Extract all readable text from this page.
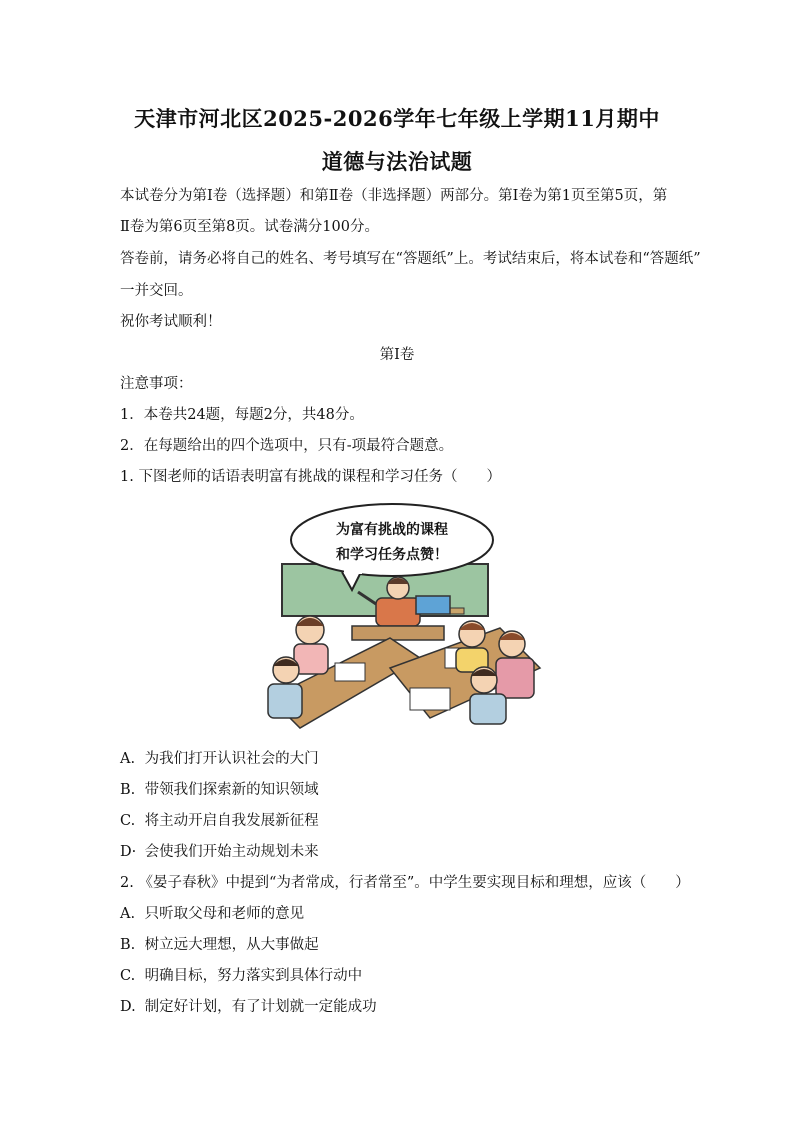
天津市河北区2025-2026学年七年级上学期11月期中
道德与法治试题
本试卷分为第Ⅰ卷（选择题）和第Ⅱ卷（非选择题）两部分。第Ⅰ卷为第1页至第5页，第
Ⅱ卷为第6页至第8页。试卷满分100分。
答卷前，请务必将自己的姓名、考号填写在“答题纸”上。考试结束后，将本试卷和“答题纸”
一并交回。
祝你考试顺利！
第Ⅰ卷
注意事项：
1．本卷共24题，每题2分，共48分。
2．在每题给出的四个选项中，只有-项最符合题意。
1. 下图老师的话语表明富有挑战的课程和学习任务（　　）
为富有挑战的课程
和学习任务点赞！
A. 为我们打开认识社会的大门
B. 带领我们探索新的知识领域
C. 将主动开启自我发展新征程
D· 会使我们开始主动规划未来
2. 《晏子春秋》中提到“为者常成，行者常至”。中学生要实现目标和理想，应该（　　）
A. 只听取父母和老师的意见
B. 树立远大理想，从大事做起
C. 明确目标，努力落实到具体行动中
D. 制定好计划，有了计划就一定能成功
